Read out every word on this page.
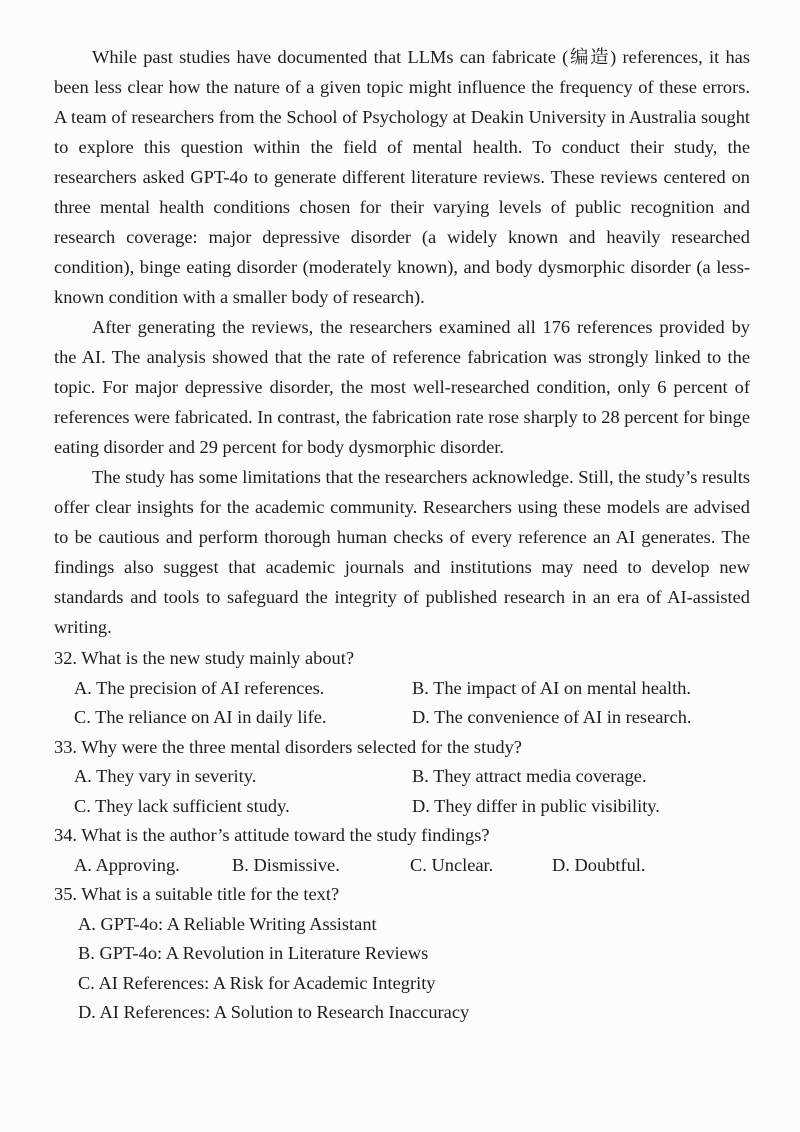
While past studies have documented that LLMs can fabricate (编造) references, it has been less clear how the nature of a given topic might influence the frequency of these errors. A team of researchers from the School of Psychology at Deakin University in Australia sought to explore this question within the field of mental health. To conduct their study, the researchers asked GPT-4o to generate different literature reviews. These reviews centered on three mental health conditions chosen for their varying levels of public recognition and research coverage: major depressive disorder (a widely known and heavily researched condition), binge eating disorder (moderately known), and body dysmorphic disorder (a less-known condition with a smaller body of research).

After generating the reviews, the researchers examined all 176 references provided by the AI. The analysis showed that the rate of reference fabrication was strongly linked to the topic. For major depressive disorder, the most well-researched condition, only 6 percent of references were fabricated. In contrast, the fabrication rate rose sharply to 28 percent for binge eating disorder and 29 percent for body dysmorphic disorder.

The study has some limitations that the researchers acknowledge. Still, the study’s results offer clear insights for the academic community. Researchers using these models are advised to be cautious and perform thorough human checks of every reference an AI generates. The findings also suggest that academic journals and institutions may need to develop new standards and tools to safeguard the integrity of published research in an era of AI-assisted writing.

32. What is the new study mainly about?

A. The precision of AI references.	B. The impact of AI on mental health.
C. The reliance on AI in daily life.	D. The convenience of AI in research.

33. Why were the three mental disorders selected for the study?

A. They vary in severity.	B. They attract media coverage.
C. They lack sufficient study.	D. They differ in public visibility.

34. What is the author’s attitude toward the study findings?

A. Approving.	B. Dismissive.	C. Unclear.	D. Doubtful.

35. What is a suitable title for the text?

A. GPT-4o: A Reliable Writing Assistant
B. GPT-4o: A Revolution in Literature Reviews
C. AI References: A Risk for Academic Integrity
D. AI References: A Solution to Research Inaccuracy
